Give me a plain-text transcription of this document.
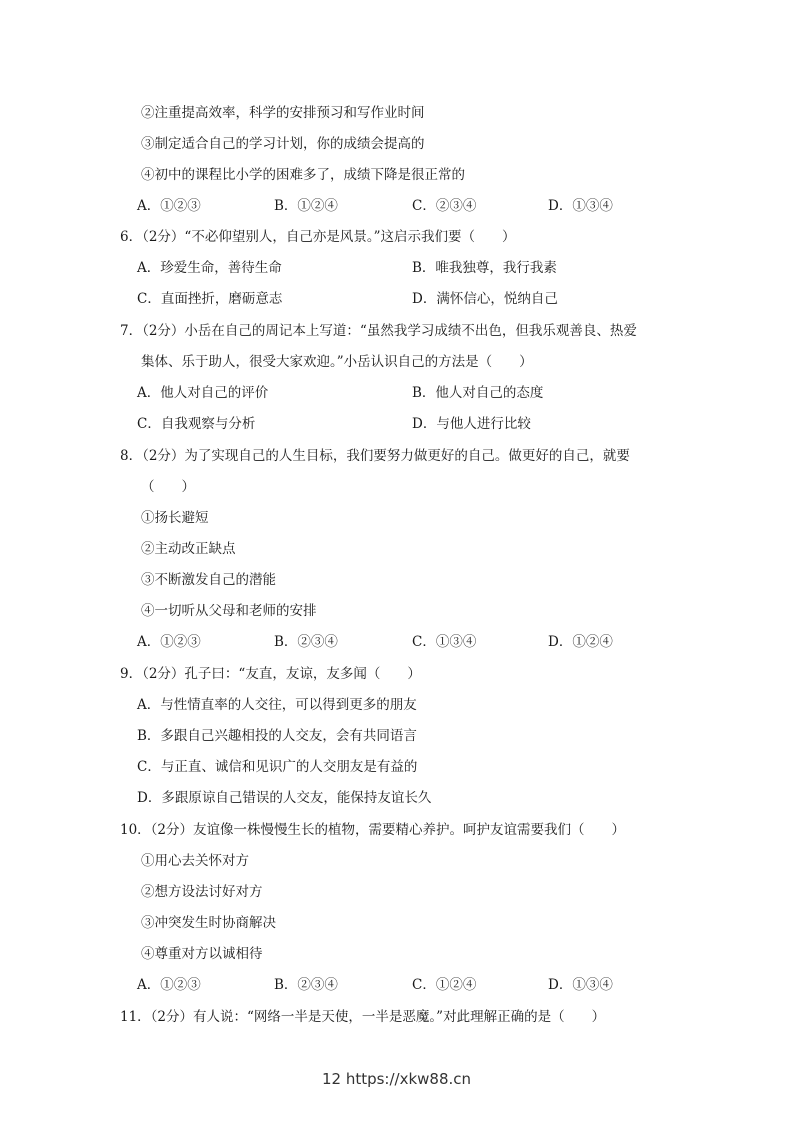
②注重提高效率，科学的安排预习和写作业时间
③制定适合自己的学习计划，你的成绩会提高的
④初中的课程比小学的困难多了，成绩下降是很正常的
A．①②③	B．①②④	C．②③④	D．①③④
6．（2分）“不必仰望别人，自己亦是风景。”这启示我们要（　　）
A．珍爱生命，善待生命	B．唯我独尊，我行我素
C．直面挫折，磨砺意志	D．满怀信心，悦纳自己
7．（2分）小岳在自己的周记本上写道：“虽然我学习成绩不出色，但我乐观善良、热爱
集体、乐于助人，很受大家欢迎。”小岳认识自己的方法是（　　）
A．他人对自己的评价	B．他人对自己的态度
C．自我观察与分析	D．与他人进行比较
8．（2分）为了实现自己的人生目标，我们要努力做更好的自己。做更好的自己，就要
（　　）
①扬长避短
②主动改正缺点
③不断激发自己的潜能
④一切听从父母和老师的安排
A．①②③	B．②③④	C．①③④	D．①②④
9．（2分）孔子曰：“友直，友谅，友多闻（　　）
A．与性情直率的人交往，可以得到更多的朋友
B．多跟自己兴趣相投的人交友，会有共同语言
C．与正直、诚信和见识广的人交朋友是有益的
D．多跟原谅自己错误的人交友，能保持友谊长久
10．（2分）友谊像一株慢慢生长的植物，需要精心养护。呵护友谊需要我们（　　）
①用心去关怀对方
②想方设法讨好对方
③冲突发生时协商解决
④尊重对方以诚相待
A．①②③	B．②③④	C．①②④	D．①③④
11．（2分）有人说：“网络一半是天使，一半是恶魔。”对此理解正确的是（　　）
12 https://xkw88.cn
